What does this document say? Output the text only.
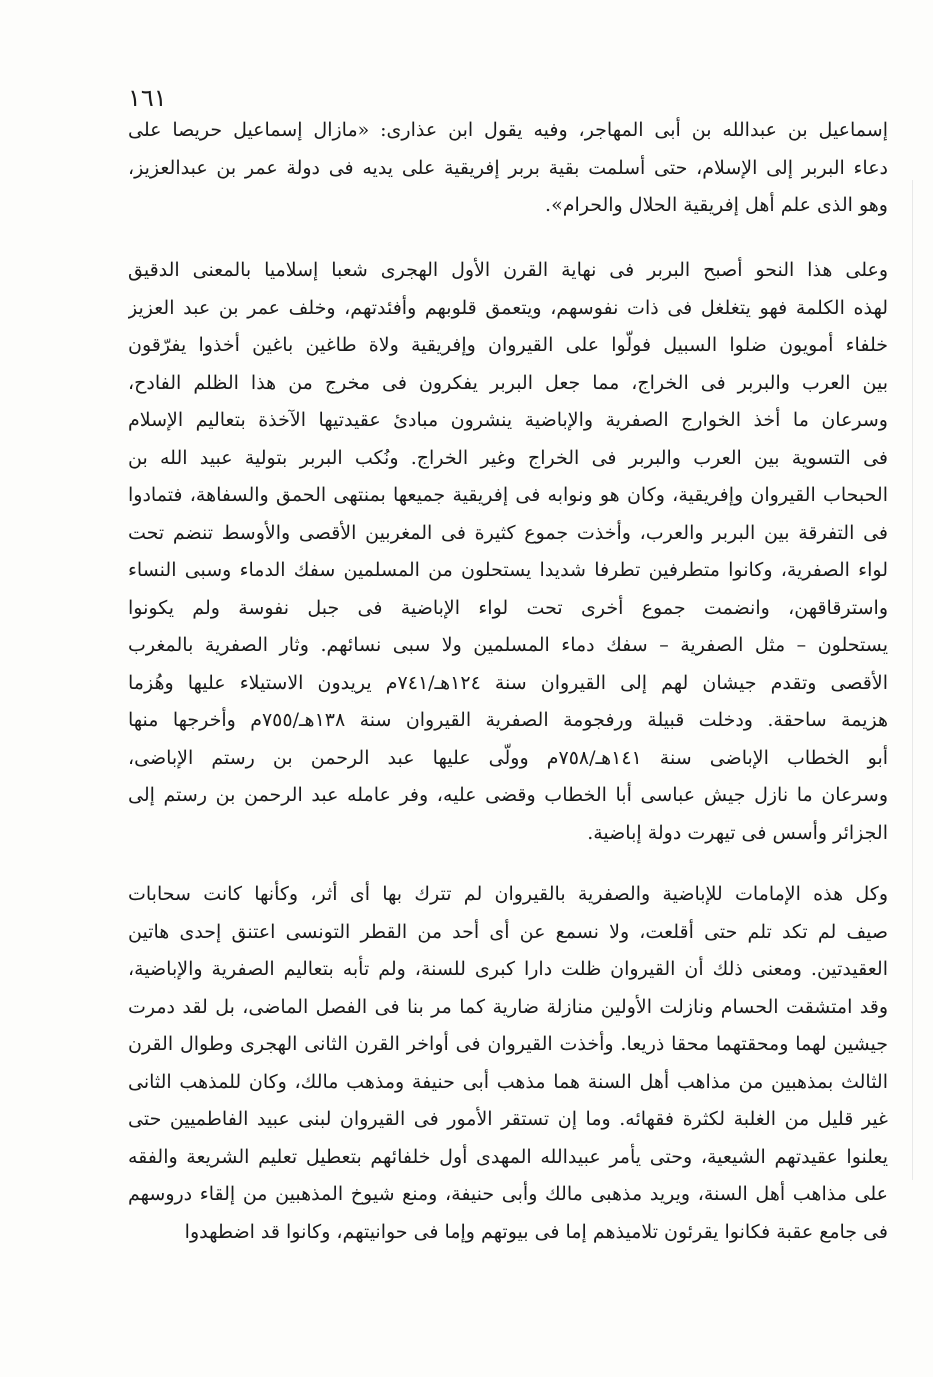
١٦١
إسماعيل بن عبدالله بن أبى المهاجر، وفيه يقول ابن عذارى: «مازال إسماعيل حريصا على
دعاء البربر إلى الإسلام، حتى أسلمت بقية بربر إفريقية على يديه فى دولة عمر بن عبدالعزيز،
وهو الذى علم أهل إفريقية الحلال والحرام».
وعلى هذا النحو أصبح البربر فى نهاية القرن الأول الهجرى شعبا إسلاميا بالمعنى الدقيق
لهذه الكلمة فهو يتغلغل فى ذات نفوسهم، ويتعمق قلوبهم وأفئدتهم، وخلف عمر بن عبد العزيز
خلفاء أمويون ضلوا السبيل فولّوا على القيروان وإفريقية ولاة طاغين باغين أخذوا يفرّقون
بين العرب والبربر فى الخراج، مما جعل البربر يفكرون فى مخرج من هذا الظلم الفادح،
وسرعان ما أخذ الخوارج الصفرية والإباضية ينشرون مبادئ عقيدتيها الآخذة بتعاليم الإسلام
فى التسوية بين العرب والبربر فى الخراج وغير الخراج. ونُكب البربر بتولية عبيد الله بن
الحبحاب القيروان وإفريقية، وكان هو ونوابه فى إفريقية جميعها بمنتهى الحمق والسفاهة، فتمادوا
فى التفرقة بين البربر والعرب، وأخذت جموع كثيرة فى المغربين الأقصى والأوسط تنضم تحت
لواء الصفرية، وكانوا متطرفين تطرفا شديدا يستحلون من المسلمين سفك الدماء وسبى النساء
واسترقاقهن، وانضمت جموع أخرى تحت لواء الإباضية فى جبل نفوسة ولم يكونوا
يستحلون – مثل الصفرية – سفك دماء المسلمين ولا سبى نسائهم. وثار الصفرية بالمغرب
الأقصى وتقدم جيشان لهم إلى القيروان سنة ١٢٤هـ/٧٤١م يريدون الاستيلاء عليها وهُزما
هزيمة ساحقة. ودخلت قبيلة ورفجومة الصفرية القيروان سنة ١٣٨هـ/٧٥٥م وأخرجها منها
أبو الخطاب الإباضى سنة ١٤١هـ/٧٥٨م وولّى عليها عبد الرحمن بن رستم الإباضى،
وسرعان ما نازل جيش عباسى أبا الخطاب وقضى عليه، وفر عامله عبد الرحمن بن رستم إلى
الجزائر وأسس فى تيهرت دولة إباضية.
وكل هذه الإمامات للإباضية والصفرية بالقيروان لم تترك بها أى أثر، وكأنها كانت سحابات
صيف لم تكد تلم حتى أقلعت، ولا نسمع عن أى أحد من القطر التونسى اعتنق إحدى هاتين
العقيدتين. ومعنى ذلك أن القيروان ظلت دارا كبرى للسنة، ولم تأبه بتعاليم الصفرية والإباضية،
وقد امتشقت الحسام ونازلت الأولين منازلة ضارية كما مر بنا فى الفصل الماضى، بل لقد دمرت
جيشين لهما ومحقتهما محقا ذريعا. وأخذت القيروان فى أواخر القرن الثانى الهجرى وطوال القرن
الثالث بمذهبين من مذاهب أهل السنة هما مذهب أبى حنيفة ومذهب مالك، وكان للمذهب الثانى
غير قليل من الغلبة لكثرة فقهائه. وما إن تستقر الأمور فى القيروان لبنى عبيد الفاطميين حتى
يعلنوا عقيدتهم الشيعية، وحتى يأمر عبيدالله المهدى أول خلفائهم بتعطيل تعليم الشريعة والفقه
على مذاهب أهل السنة، ويريد مذهبى مالك وأبى حنيفة، ومنع شيوخ المذهبين من إلقاء دروسهم
فى جامع عقبة فكانوا يقرئون تلاميذهم إما فى بيوتهم وإما فى حوانيتهم، وكانوا قد اضطهدوا
